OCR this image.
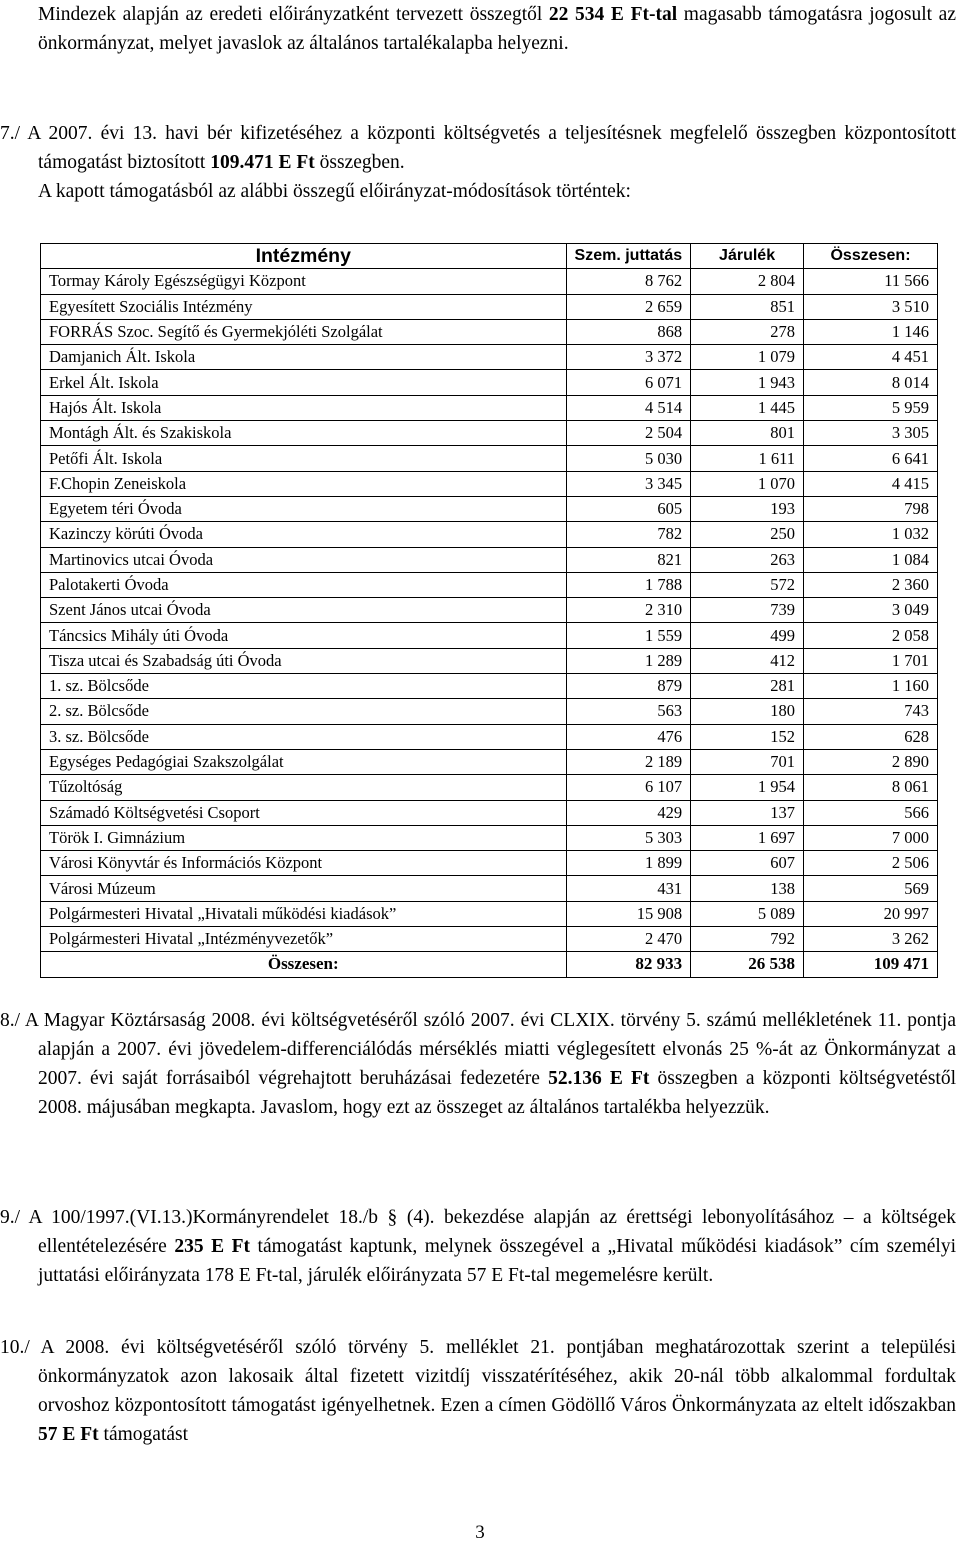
Mindezek alapján az eredeti előirányzatként tervezett összegtől 22 534 E Ft-tal magasabb támogatásra jogosult az önkormányzat, melyet javaslok az általános tartalékalapba helyezni.

7./ A 2007. évi 13. havi bér kifizetéséhez a központi költségvetés a teljesítésnek megfelelő összegben központosított támogatást biztosított 109.471 E Ft összegben.
A kapott támogatásból az alábbi összegű előirányzat-módosítások történtek:

Intézmény	Szem. juttatás	Járulék	Összesen:
Tormay Károly Egészségügyi Központ	8 762	2 804	11 566
Egyesített Szociális Intézmény	2 659	851	3 510
FORRÁS Szoc. Segítő és Gyermekjóléti Szolgálat	868	278	1 146
Damjanich Ált. Iskola	3 372	1 079	4 451
Erkel Ált. Iskola	6 071	1 943	8 014
Hajós Ált. Iskola	4 514	1 445	5 959
Montágh Ált. és Szakiskola	2 504	801	3 305
Petőfi Ált. Iskola	5 030	1 611	6 641
F.Chopin Zeneiskola	3 345	1 070	4 415
Egyetem téri Óvoda	605	193	798
Kazinczy körúti Óvoda	782	250	1 032
Martinovics utcai Óvoda	821	263	1 084
Palotakerti Óvoda	1 788	572	2 360
Szent János utcai Óvoda	2 310	739	3 049
Táncsics Mihály úti Óvoda	1 559	499	2 058
Tisza utcai és Szabadság úti Óvoda	1 289	412	1 701
1. sz. Bölcsőde	879	281	1 160
2. sz. Bölcsőde	563	180	743
3. sz. Bölcsőde	476	152	628
Egységes Pedagógiai Szakszolgálat	2 189	701	2 890
Tűzoltóság	6 107	1 954	8 061
Számadó Költségvetési Csoport	429	137	566
Török I. Gimnázium	5 303	1 697	7 000
Városi Könyvtár és Információs Központ	1 899	607	2 506
Városi Múzeum	431	138	569
Polgármesteri Hivatal „Hivatali működési kiadások”	15 908	5 089	20 997
Polgármesteri Hivatal „Intézményvezetők”	2 470	792	3 262
Összesen:	82 933	26 538	109 471

8./ A Magyar Köztársaság 2008. évi költségvetéséről szóló 2007. évi CLXIX. törvény 5. számú mellékletének 11. pontja alapján a 2007. évi jövedelem-differenciálódás mérséklés miatti véglegesített elvonás 25 %-át az Önkormányzat a 2007. évi saját forrásaiból végrehajtott beruházásai fedezetére 52.136 E Ft összegben a központi költségvetéstől 2008. májusában megkapta. Javaslom, hogy ezt az összeget az általános tartalékba helyezzük.

9./ A 100/1997.(VI.13.)Kormányrendelet 18./b § (4). bekezdése alapján az érettségi lebonyolításához – a költségek ellentételezésére 235 E Ft támogatást kaptunk, melynek összegével a „Hivatal működési kiadások” cím személyi juttatási előirányzata 178 E Ft-tal, járulék előirányzata 57 E Ft-tal megemelésre került.

10./ A 2008. évi költségvetéséről szóló törvény 5. melléklet 21. pontjában meghatározottak szerint a települési önkormányzatok azon lakosaik által fizetett vizitdíj visszatérítéséhez, akik 20-nál több alkalommal fordultak orvoshoz központosított támogatást igényelhetnek. Ezen a címen Gödöllő Város Önkormányzata az eltelt időszakban 57 E Ft támogatást

3
